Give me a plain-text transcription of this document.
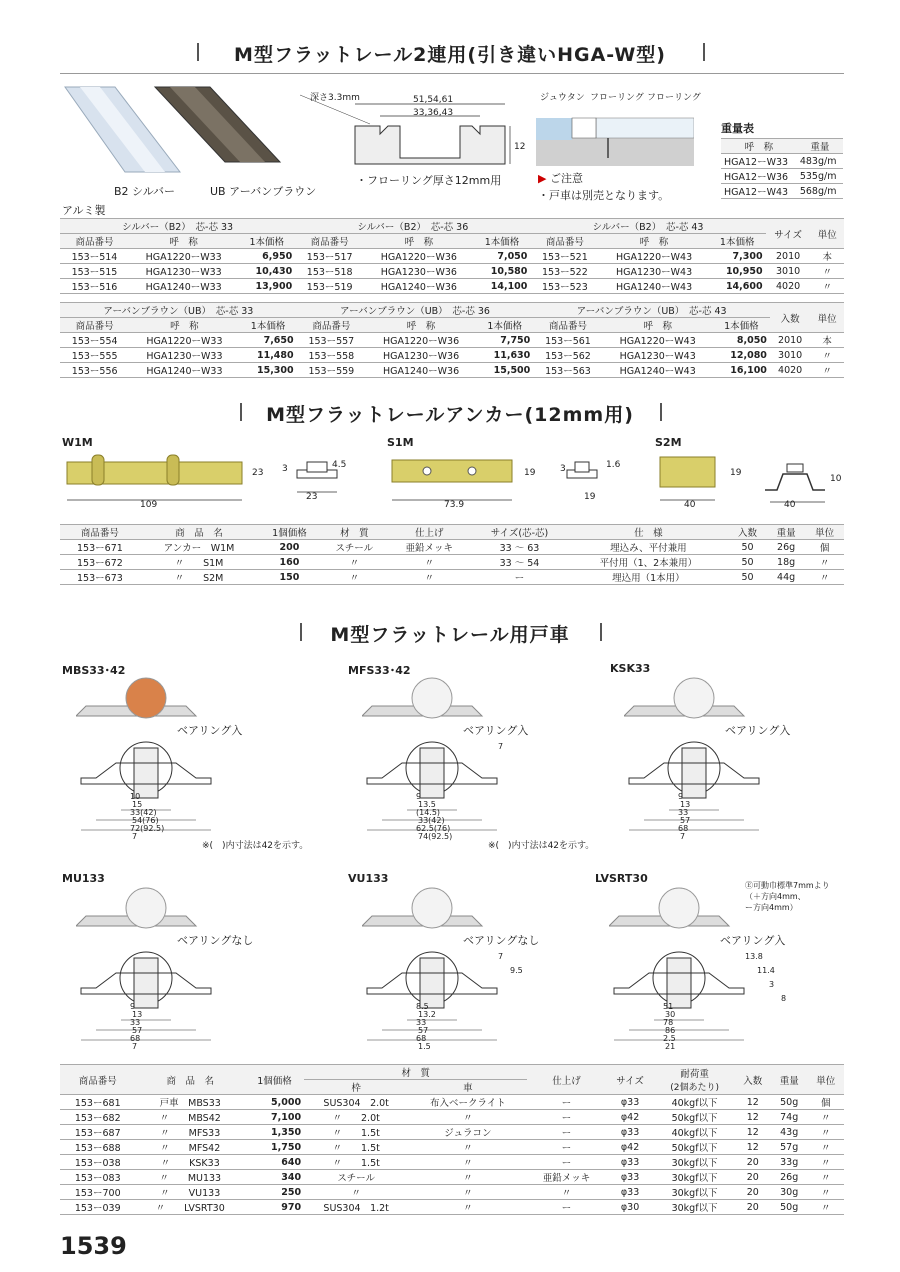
M型フラットレール2連用(引き違いHGA-W型)
B2 シルバー	UB アーバンブラウン
アルミ製
深さ3.3mm	51,54,61
33,36,43
12
・フローリング厚さ12mm用
ジュウタン フローリング フローリング
▶ ご注意
・戸車は別売となります。
重量表
呼　称	重量
HGA12ーW33	483g/m
HGA12ーW36	535g/m
HGA12ーW43	568g/m
シルバー（B2）　芯-芯 33			シルバー（B2）　芯-芯 36			シルバー（B2）　芯-芯 43			サイズ	単位
商品番号	呼　称	1本価格	商品番号	呼　称	1本価格	商品番号	呼　称	1本価格		
153ー514	HGA1220ーW33	6,950	153ー517	HGA1220ーW36	7,050	153ー521	HGA1220ーW43	7,300	2010	本
153ー515	HGA1230ーW33	10,430	153ー518	HGA1230ーW36	10,580	153ー522	HGA1230ーW43	10,950	3010	〃
153ー516	HGA1240ーW33	13,900	153ー519	HGA1240ーW36	14,100	153ー523	HGA1240ーW43	14,600	4020	〃
アーバンブラウン（UB）　芯-芯 33			アーバンブラウン（UB）　芯-芯 36			アーバンブラウン（UB）　芯-芯 43			入数	単位
商品番号	呼　称	1本価格	商品番号	呼　称	1本価格	商品番号	呼　称	1本価格		
153ー554	HGA1220ーW33	7,650	153ー557	HGA1220ーW36	7,750	153ー561	HGA1220ーW43	8,050	2010	本
153ー555	HGA1230ーW33	11,480	153ー558	HGA1230ーW36	11,630	153ー562	HGA1230ーW43	12,080	3010	〃
153ー556	HGA1240ーW33	15,300	153ー559	HGA1240ーW36	15,500	153ー563	HGA1240ーW43	16,100	4020	〃
M型フラットレールアンカー(12mm用)
W1M	S1M	S2M
109
23
23
3	4.5
73.9
19
19
3	1.6
40
19
40
10
商品番号	商　品　名	1個価格	材　質	仕上げ	サイズ(芯-芯)	仕　様	入数	重量	単位
153ー671	アンカー　W1M	200	スチール	亜鉛メッキ	33 ～ 63	埋込み、平付兼用	50	26g	個
153ー672	〃　　S1M	160	〃	〃	33 ～ 54	平付用（1、2本兼用）	50	18g	〃
153ー673	〃　　S2M	150	〃	〃	ー	埋込用（1本用）	50	44g	〃
M型フラットレール用戸車
MBS33･42
ベアリング入
10
15
33(42)
54(76)
72(92.5)
7
※(　)内寸法は42を示す。
MFS33･42
ベアリング入
9
13.5
(14.5)
33(42)
62.5(76)
74(92.5)
7
※(　)内寸法は42を示す。
KSK33
ベアリング入
9
13
33
57
68
7
MU133
ベアリングなし
9
13
33
57
68
7
VU133
ベアリングなし
8.5
13.2
33
57
68
1.5
7
9.5
LVSRT30
ベアリング入
51
30
78
86
2.5
21
13.8
11.4
3
8
Ⓔ可動巾標準7mmより
（＋方向4mm、
ー方向4mm）
商品番号	商　品　名	1個価格	材　質		仕上げ	サイズ	耐荷重
(2個あたり)	入数	重量	単位
			枠	車						
153ー681	戸車　MBS33	5,000	SUS304　2.0t	布入ベークライト	ー	φ33	40kgf以下	12	50g	個
153ー682	〃　　MBS42	7,100	〃　　2.0t	〃	ー	φ42	50kgf以下	12	74g	〃
153ー687	〃　　MFS33	1,350	〃　　1.5t	ジュラコン	ー	φ33	40kgf以下	12	43g	〃
153ー688	〃　　MFS42	1,750	〃　　1.5t	〃	ー	φ42	50kgf以下	12	57g	〃
153ー038	〃　　KSK33	640	〃　　1.5t	〃	ー	φ33	30kgf以下	20	33g	〃
153ー083	〃　　MU133	340	スチール	〃	亜鉛メッキ	φ33	30kgf以下	20	26g	〃
153ー700	〃　　VU133	250	〃	〃	〃	φ33	30kgf以下	20	30g	〃
153ー039	〃　　LVSRT30	970	SUS304　1.2t	〃	ー	φ30	30kgf以下	20	50g	〃
1539
